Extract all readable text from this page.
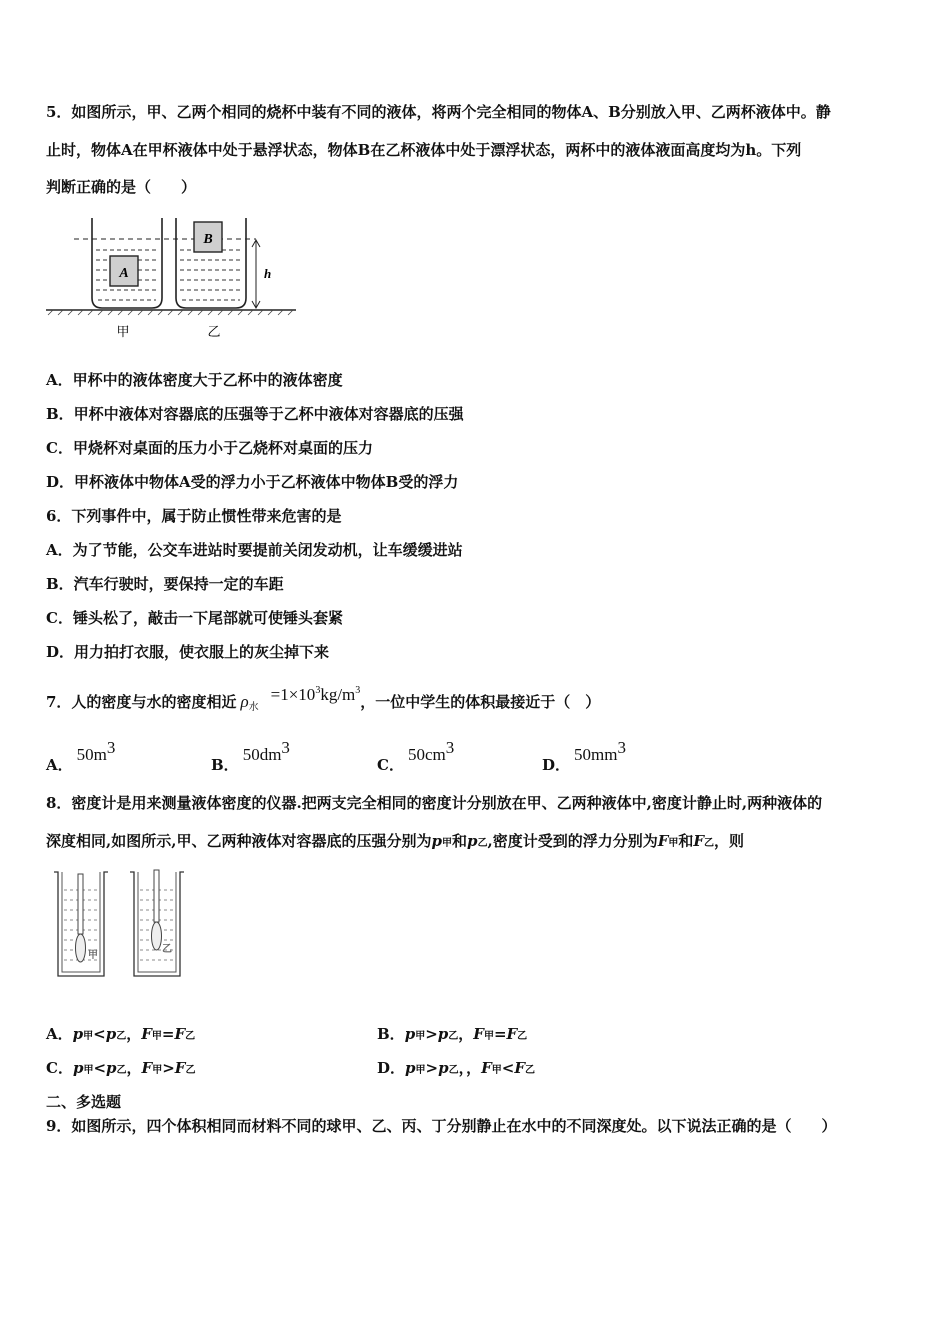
5．如图所示，甲、乙两个相同的烧杯中装有不同的液体，将两个完全相同的物体A、B分别放入甲、乙两杯液体中。静
止时，物体A在甲杯液体中处于悬浮状态，物体B在乙杯液体中处于漂浮状态，两杯中的液体液面高度均为h。下列
判断正确的是（　　）
A
B
h
甲	乙
A．甲杯中的液体密度大于乙杯中的液体密度
B．甲杯中液体对容器底的压强等于乙杯中液体对容器底的压强
C．甲烧杯对桌面的压力小于乙烧杯对桌面的压力
D．甲杯液体中物体A受的浮力小于乙杯液体中物体B受的浮力
6．下列事件中，属于防止惯性带来危害的是
A．为了节能，公交车进站时要提前关闭发动机，让车缓缓进站
B．汽车行驶时，要保持一定的车距
C．锤头松了，敲击一下尾部就可使锤头套紧
D．用力拍打衣服，使衣服上的灰尘掉下来
7．人的密度与水的密度相近 $\rho_水=1\times 10^3kg/m^3$，一位中学生的体积最接近于（　）
A．$50m^3$
B．$50dm^3$
C．$50cm^3$
D．$50mm^3$
8．密度计是用来测量液体密度的仪器.把两支完全相同的密度计分别放在甲、乙两种液体中,密度计静止时,两种液体的
深度相同,如图所示,甲、乙两种液体对容器底的压强分别为p甲和p乙,密度计受到的浮力分别为F甲和F乙，则
甲
乙
A．p甲<p乙，F甲=F乙	B．p甲>p乙，F甲=F乙
C．p甲<p乙，F甲>F乙	D．p甲>p乙，，F甲<F乙
二、多选题
9．如图所示，四个体积相同而材料不同的球甲、乙、丙、丁分别静止在水中的不同深度处。以下说法正确的是（　　）
